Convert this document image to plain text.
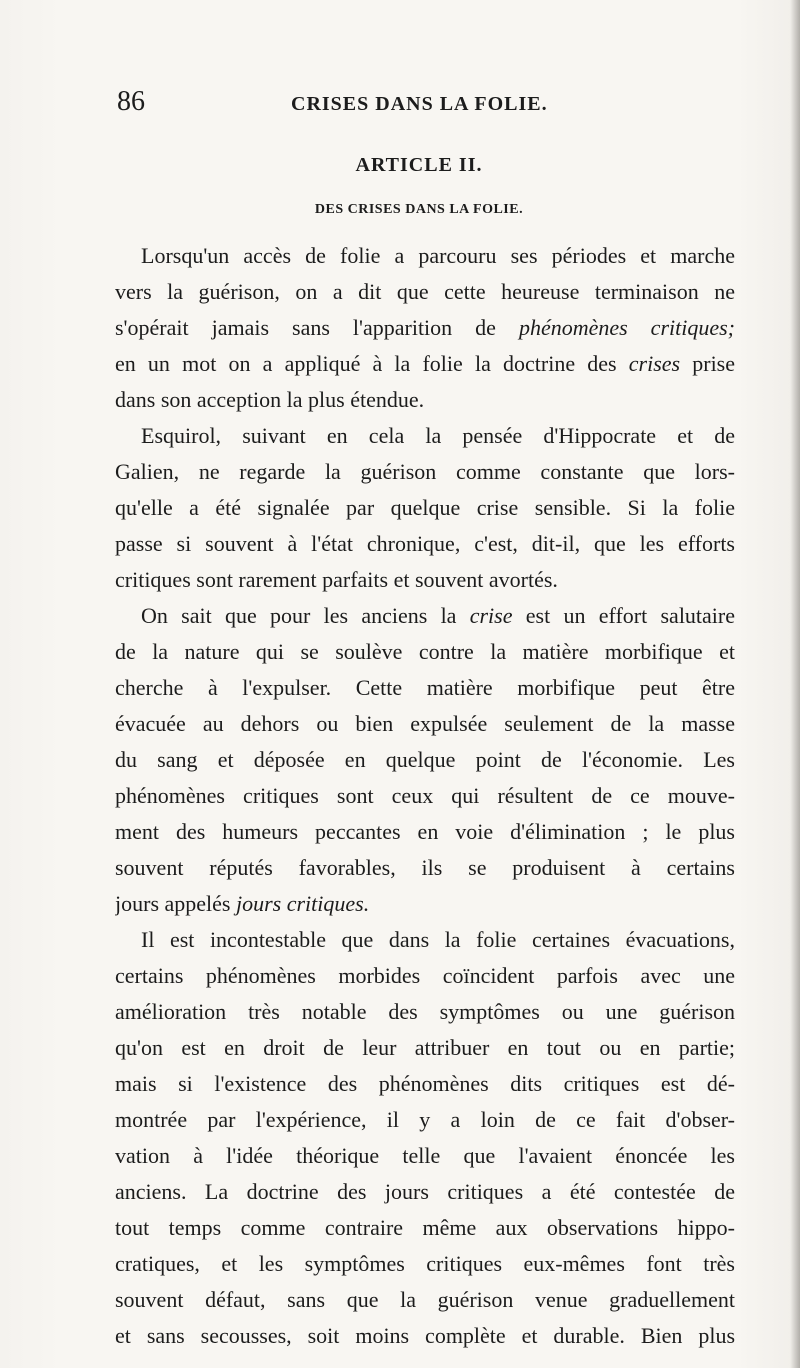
86	CRISES DANS LA FOLIE.
ARTICLE II.
DES CRISES DANS LA FOLIE.
Lorsqu'un accès de folie a parcouru ses périodes et marche
vers la guérison, on a dit que cette heureuse terminaison ne
s'opérait jamais sans l'apparition de phénomènes critiques;
en un mot on a appliqué à la folie la doctrine des crises prise
dans son acception la plus étendue.
Esquirol, suivant en cela la pensée d'Hippocrate et de
Galien, ne regarde la guérison comme constante que lors-
qu'elle a été signalée par quelque crise sensible. Si la folie
passe si souvent à l'état chronique, c'est, dit-il, que les efforts
critiques sont rarement parfaits et souvent avortés.
On sait que pour les anciens la crise est un effort salutaire
de la nature qui se soulève contre la matière morbifique et
cherche à l'expulser. Cette matière morbifique peut être
évacuée au dehors ou bien expulsée seulement de la masse
du sang et déposée en quelque point de l'économie. Les
phénomènes critiques sont ceux qui résultent de ce mouve-
ment des humeurs peccantes en voie d'élimination ; le plus
souvent réputés favorables, ils se produisent à certains
jours appelés jours critiques.
Il est incontestable que dans la folie certaines évacuations,
certains phénomènes morbides coïncident parfois avec une
amélioration très notable des symptômes ou une guérison
qu'on est en droit de leur attribuer en tout ou en partie;
mais si l'existence des phénomènes dits critiques est dé-
montrée par l'expérience, il y a loin de ce fait d'obser-
vation à l'idée théorique telle que l'avaient énoncée les
anciens. La doctrine des jours critiques a été contestée de
tout temps comme contraire même aux observations hippo-
cratiques, et les symptômes critiques eux-mêmes font très
souvent défaut, sans que la guérison venue graduellement
et sans secousses, soit moins complète et durable. Bien plus
